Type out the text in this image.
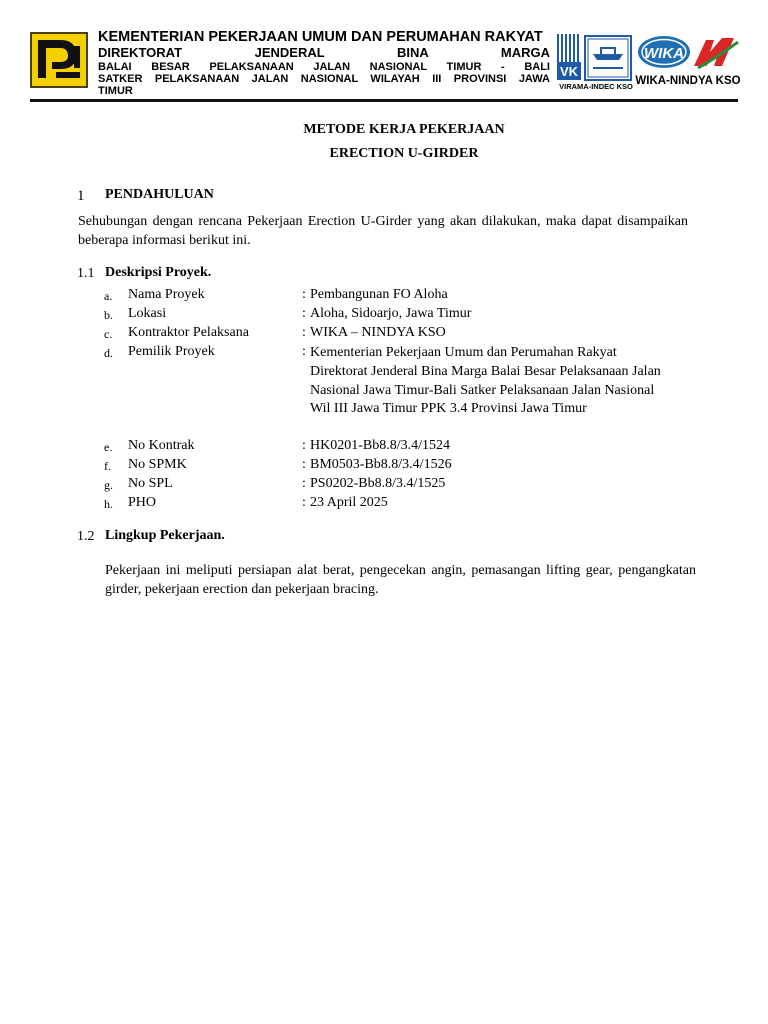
KEMENTERIAN PEKERJAAN UMUM DAN PERUMAHAN RAKYAT
DIREKTORAT JENDERAL BINA MARGA
BALAI BESAR PELAKSANAAN JALAN NASIONAL TIMUR - BALI
SATKER PELAKSANAAN JALAN NASIONAL WILAYAH III PROVINSI JAWA
TIMUR
VK
VIRAMA-INDEC KSO
WIKA
WIKA-NINDYA KSO
METODE KERJA PEKERJAAN
ERECTION U-GIRDER
1 PENDAHULUAN
Sehubungan dengan rencana Pekerjaan Erection U-Girder yang akan dilakukan, maka dapat disampaikan beberapa informasi berikut ini.
1.1 Deskripsi Proyek.
a. Nama Proyek	: Pembangunan FO Aloha
b. Lokasi	: Aloha, Sidoarjo, Jawa Timur
c. Kontraktor Pelaksana	: WIKA – NINDYA KSO
d. Pemilik Proyek	: Kementerian Pekerjaan Umum dan Perumahan Rakyat Direktorat Jenderal Bina Marga Balai Besar Pelaksanaan Jalan Nasional Jawa Timur-Bali Satker Pelaksanaan Jalan Nasional Wil III Jawa Timur PPK 3.4 Provinsi Jawa Timur
e. No Kontrak	: HK0201-Bb8.8/3.4/1524
f. No SPMK	: BM0503-Bb8.8/3.4/1526
g. No SPL	: PS0202-Bb8.8/3.4/1525
h. PHO	: 23 April 2025
1.2 Lingkup Pekerjaan.
Pekerjaan ini meliputi persiapan alat berat, pengecekan angin, pemasangan lifting gear, pengangkatan girder, pekerjaan erection dan pekerjaan bracing.
